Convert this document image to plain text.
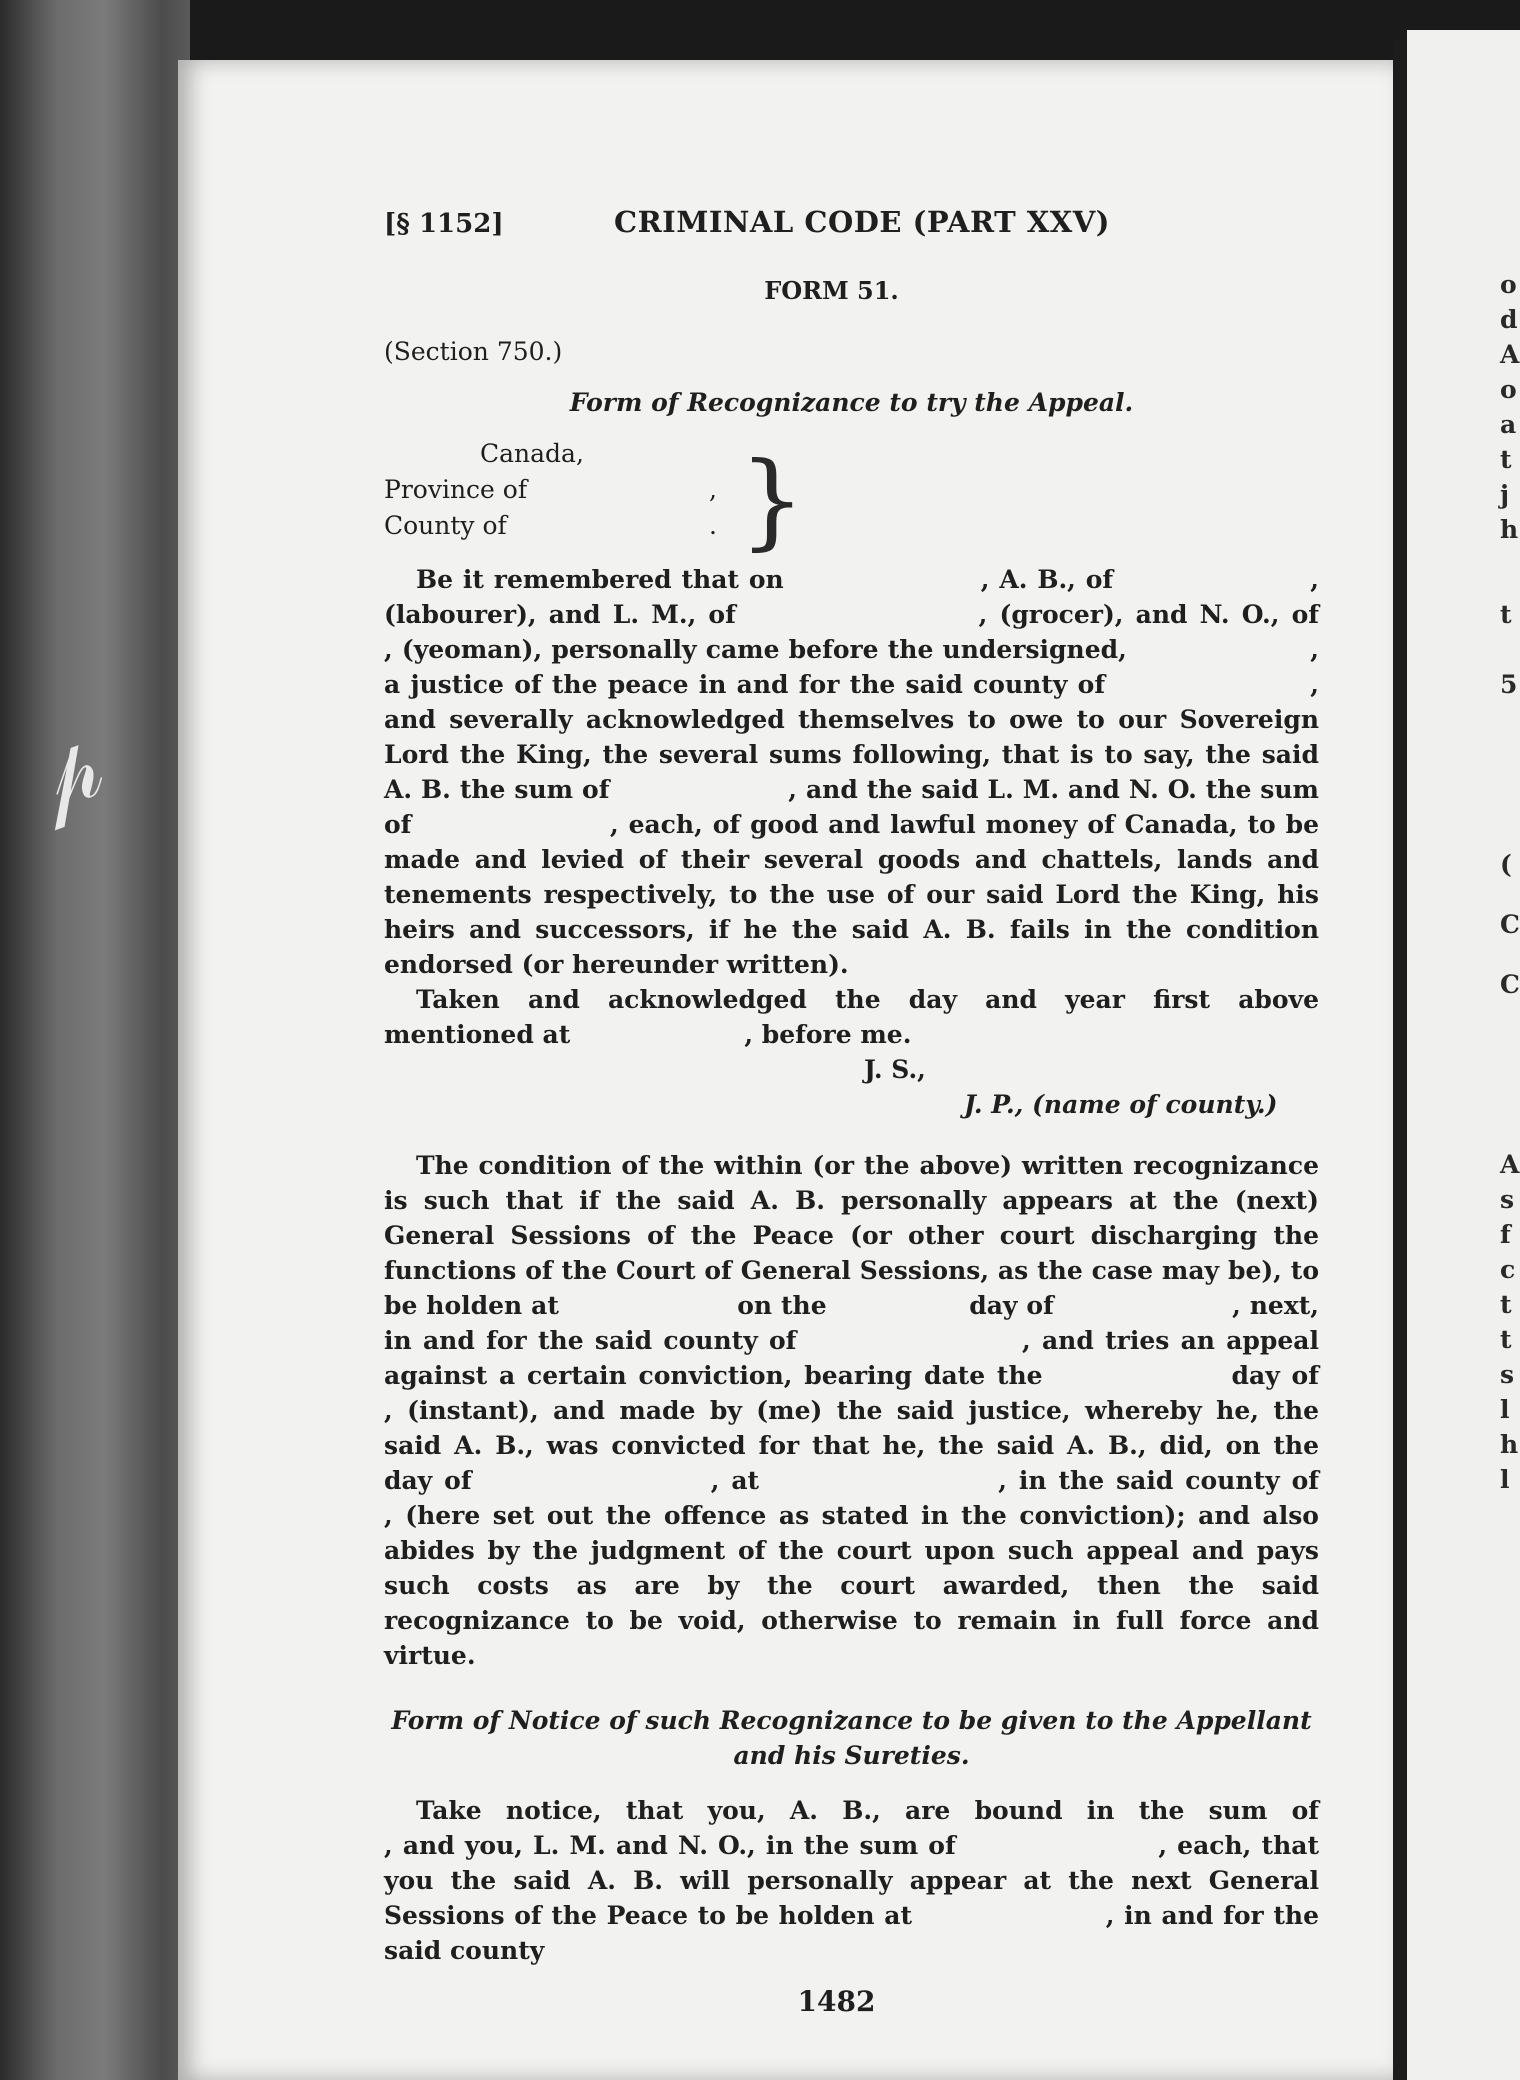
𝓅
o
d
A
o
a
t
j
h
t
5
(
C
C
A
s
f
c
t
t
s
l
h
l
[§ 1152]	CRIMINAL CODE (PART XXV)
FORM 51.
(Section 750.)
Form of Recognizance to try the Appeal.
Canada,
Province of	,
County of	. }

Be it remembered that on                    , A. B., of                    , (labourer), and L. M., of                    , (grocer), and N. O., of                    , (yeoman), personally came before the undersigned,                    , a justice of the peace in and for the said county of                    , and severally acknowledged themselves to owe to our Sovereign Lord the King, the several sums following, that is to say, the said A. B. the sum of                    , and the said L. M. and N. O. the sum of                    , each, of good and lawful money of Canada, to be made and levied of their several goods and chattels, lands and tenements respectively, to the use of our said Lord the King, his heirs and successors, if he the said A. B. fails in the condition endorsed (or hereunder written).

Taken and acknowledged the day and year first above mentioned at                    , before me.

J. S.,
J. P., (name of county.)

The condition of the within (or the above) written recognizance is such that if the said A. B. personally appears at the (next) General Sessions of the Peace (or other court discharging the functions of the Court of General Sessions, as the case may be), to be holden at                    on the                day of                    , next, in and for the said county of                    , and tries an appeal against a certain conviction, bearing date the                day of                    , (instant), and made by (me) the said justice, whereby he, the said A. B., was convicted for that he, the said A. B., did, on the                day of                    , at                    , in the said county of                    , (here set out the offence as stated in the conviction); and also abides by the judgment of the court upon such appeal and pays such costs as are by the court awarded, then the said recognizance to be void, otherwise to remain in full force and virtue.

Form of Notice of such Recognizance to be given to the Appellant and his Sureties.

Take notice, that you, A. B., are bound in the sum of                    , and you, L. M. and N. O., in the sum of                    , each, that you the said A. B. will personally appear at the next General Sessions of the Peace to be holden at                    , in and for the said county

1482
